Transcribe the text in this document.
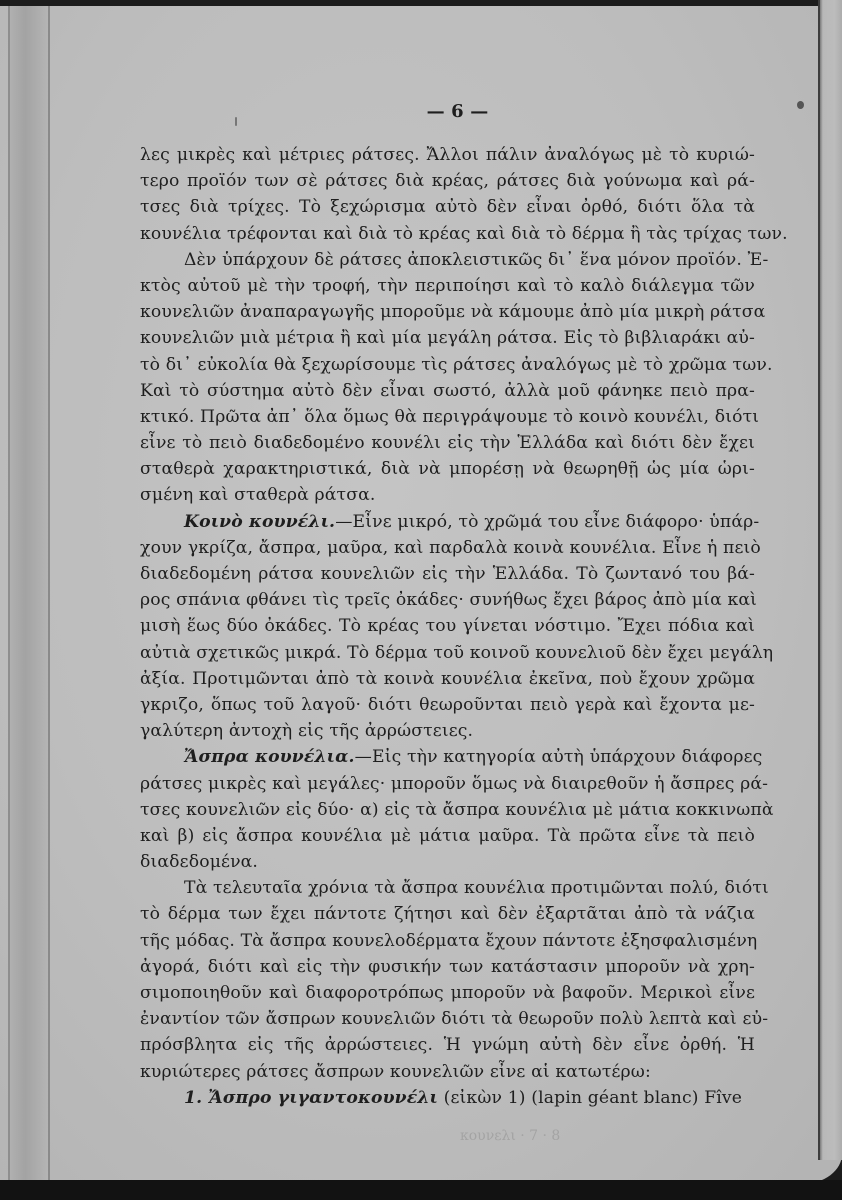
— 6 —
λες μικρὲς καὶ μέτριες ράτσες. Ἄλλοι πάλιν ἀναλόγως μὲ τὸ κυριώ-
τερο προϊόν των σὲ ράτσες διὰ κρέας, ράτσες διὰ γούνωμα καὶ ρά-
τσες διὰ τρίχες. Τὸ ξεχώρισμα αὐτὸ δὲν εἶναι ὀρθό, διότι ὅλα τὰ
κουνέλια τρέφονται καὶ διὰ τὸ κρέας καὶ διὰ τὸ δέρμα ἢ τὰς τρίχας των.
Δὲν ὑπάρχουν δὲ ράτσες ἀποκλειστικῶς δι᾽ ἕνα μόνον προϊόν. Ἐ-
κτὸς αὐτοῦ μὲ τὴν τροφή, τὴν περιποίησι καὶ τὸ καλὸ διάλεγμα τῶν
κουνελιῶν ἀναπαραγωγῆς μποροῦμε νὰ κάμουμε ἀπὸ μία μικρὴ ράτσα
κουνελιῶν μιὰ μέτρια ἢ καὶ μία μεγάλη ράτσα. Εἰς τὸ βιβλιαράκι αὐ-
τὸ δι᾽ εὐκολία θὰ ξεχωρίσουμε τὶς ράτσες ἀναλόγως μὲ τὸ χρῶμα των.
Καὶ τὸ σύστημα αὐτὸ δὲν εἶναι σωστό, ἀλλὰ μοῦ φάνηκε πειὸ πρα-
κτικό. Πρῶτα ἀπ᾽ ὅλα ὅμως θὰ περιγράψουμε τὸ κοινὸ κουνέλι, διότι
εἶνε τὸ πειὸ διαδεδομένο κουνέλι εἰς τὴν Ἑλλάδα καὶ διότι δὲν ἔχει
σταθερὰ χαρακτηριστικά, διὰ νὰ μπορέσῃ νὰ θεωρηθῇ ὡς μία ὡρι-
σμένη καὶ σταθερὰ ράτσα.
Κοινὸ κουνέλι.—Εἶνε μικρό, τὸ χρῶμά του εἶνε διάφορο· ὑπάρ-
χουν γκρίζα, ἄσπρα, μαῦρα, καὶ παρδαλὰ κοινὰ κουνέλια. Εἶνε ἡ πειὸ
διαδεδομένη ράτσα κουνελιῶν εἰς τὴν Ἑλλάδα. Τὸ ζωντανό του βά-
ρος σπάνια φθάνει τὶς τρεῖς ὀκάδες· συνήθως ἔχει βάρος ἀπὸ μία καὶ
μισὴ ἕως δύο ὀκάδες. Τὸ κρέας του γίνεται νόστιμο. Ἔχει πόδια καὶ
αὐτιὰ σχετικῶς μικρά. Τὸ δέρμα τοῦ κοινοῦ κουνελιοῦ δὲν ἔχει μεγάλη
ἀξία. Προτιμῶνται ἀπὸ τὰ κοινὰ κουνέλια ἐκεῖνα, ποὺ ἔχουν χρῶμα
γκριζο, ὅπως τοῦ λαγοῦ· διότι θεωροῦνται πειὸ γερὰ καὶ ἔχοντα με-
γαλύτερη ἀντοχὴ εἰς τῆς ἀρρώστειες.
Ἄσπρα κουνέλια.—Εἰς τὴν κατηγορία αὐτὴ ὑπάρχουν διάφορες
ράτσες μικρὲς καὶ μεγάλες· μποροῦν ὅμως νὰ διαιρεθοῦν ἡ ἄσπρες ρά-
τσες κουνελιῶν εἰς δύο· α) εἰς τὰ ἄσπρα κουνέλια μὲ μάτια κοκκινωπὰ
καὶ β) εἰς ἄσπρα κουνέλια μὲ μάτια μαῦρα. Τὰ πρῶτα εἶνε τὰ πειὸ
διαδεδομένα.
Τὰ τελευταῖα χρόνια τὰ ἄσπρα κουνέλια προτιμῶνται πολύ, διότι
τὸ δέρμα των ἔχει πάντοτε ζήτησι καὶ δὲν ἐξαρτᾶται ἀπὸ τὰ νάζια
τῆς μόδας. Τὰ ἄσπρα κουνελοδέρματα ἔχουν πάντοτε ἐξησφαλισμένη
ἀγορά, διότι καὶ εἰς τὴν φυσικήν των κατάστασιν μποροῦν νὰ χρη-
σιμοποιηθοῦν καὶ διαφοροτρόπως μποροῦν νὰ βαφοῦν. Μερικοὶ εἶνε
ἐναντίον τῶν ἄσπρων κουνελιῶν διότι τὰ θεωροῦν πολὺ λεπτὰ καὶ εὐ-
πρόσβλητα εἰς τῆς ἀρρώστειες. Ἡ γνώμη αὐτὴ δὲν εἶνε ὀρθή. Ἡ
κυριώτερες ράτσες ἄσπρων κουνελιῶν εἶνε αἱ κατωτέρω:
1. Ἄσπρο γιγαντοκουνέλι (εἰκὼν 1) (lapin géant blanc) Fîve
κουνελι · 7 · 8
